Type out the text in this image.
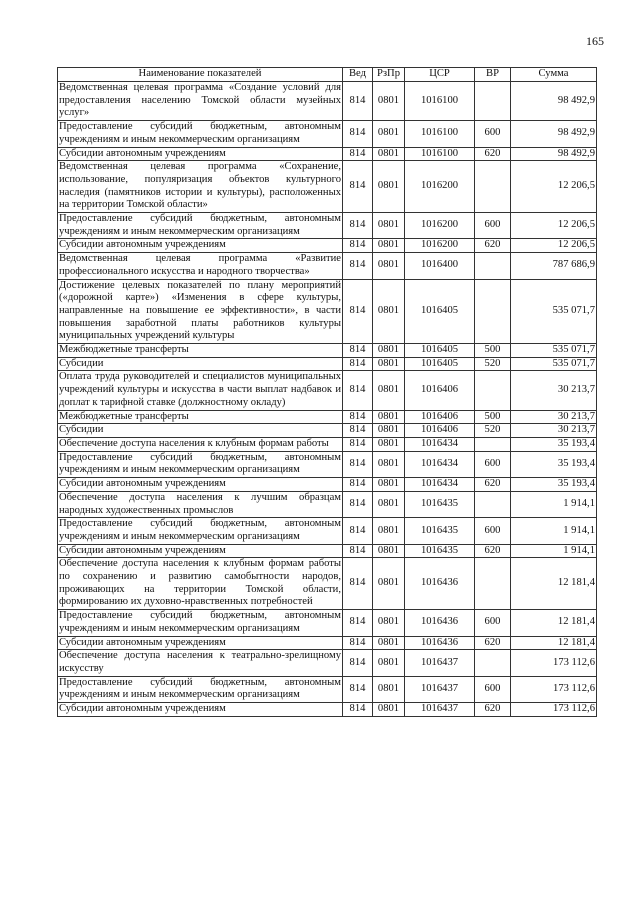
165
Наименование показателей	Вед	РзПр	ЦСР	ВР	Сумма
Ведомственная целевая программа «Создание условий для предоставления населению Томской области музейных услуг»	814	0801	1016100		98 492,9
Предоставление субсидий бюджетным, автономным учреждениям и иным некоммерческим организациям	814	0801	1016100	600	98 492,9
Субсидии автономным учреждениям	814	0801	1016100	620	98 492,9
Ведомственная целевая программа «Сохранение, использование, популяризация объектов культурного наследия (памятников истории и культуры), расположенных на территории Томской области»	814	0801	1016200		12 206,5
Предоставление субсидий бюджетным, автономным учреждениям и иным некоммерческим организациям	814	0801	1016200	600	12 206,5
Субсидии автономным учреждениям	814	0801	1016200	620	12 206,5
Ведомственная целевая программа «Развитие профессионального искусства и народного творчества»	814	0801	1016400		787 686,9
Достижение целевых показателей по плану мероприятий («дорожной карте») «Изменения в сфере культуры, направленные на повышение ее эффективности», в части повышения заработной платы работников культуры муниципальных учреждений культуры	814	0801	1016405		535 071,7
Межбюджетные трансферты	814	0801	1016405	500	535 071,7
Субсидии	814	0801	1016405	520	535 071,7
Оплата труда руководителей и специалистов муниципальных учреждений культуры и искусства в части выплат надбавок и доплат к тарифной ставке (должностному окладу)	814	0801	1016406		30 213,7
Межбюджетные трансферты	814	0801	1016406	500	30 213,7
Субсидии	814	0801	1016406	520	30 213,7
Обеспечение доступа населения к клубным формам работы	814	0801	1016434		35 193,4
Предоставление субсидий бюджетным, автономным учреждениям и иным некоммерческим организациям	814	0801	1016434	600	35 193,4
Субсидии автономным учреждениям	814	0801	1016434	620	35 193,4
Обеспечение доступа населения к лучшим образцам народных художественных промыслов	814	0801	1016435		1 914,1
Предоставление субсидий бюджетным, автономным учреждениям и иным некоммерческим организациям	814	0801	1016435	600	1 914,1
Субсидии автономным учреждениям	814	0801	1016435	620	1 914,1
Обеспечение доступа населения к клубным формам работы по сохранению и развитию самобытности народов, проживающих на территории Томской области, формированию их духовно-нравственных потребностей	814	0801	1016436		12 181,4
Предоставление субсидий бюджетным, автономным учреждениям и иным некоммерческим организациям	814	0801	1016436	600	12 181,4
Субсидии автономным учреждениям	814	0801	1016436	620	12 181,4
Обеспечение доступа населения к театрально-зрелищному искусству	814	0801	1016437		173 112,6
Предоставление субсидий бюджетным, автономным учреждениям и иным некоммерческим организациям	814	0801	1016437	600	173 112,6
Субсидии автономным учреждениям	814	0801	1016437	620	173 112,6
